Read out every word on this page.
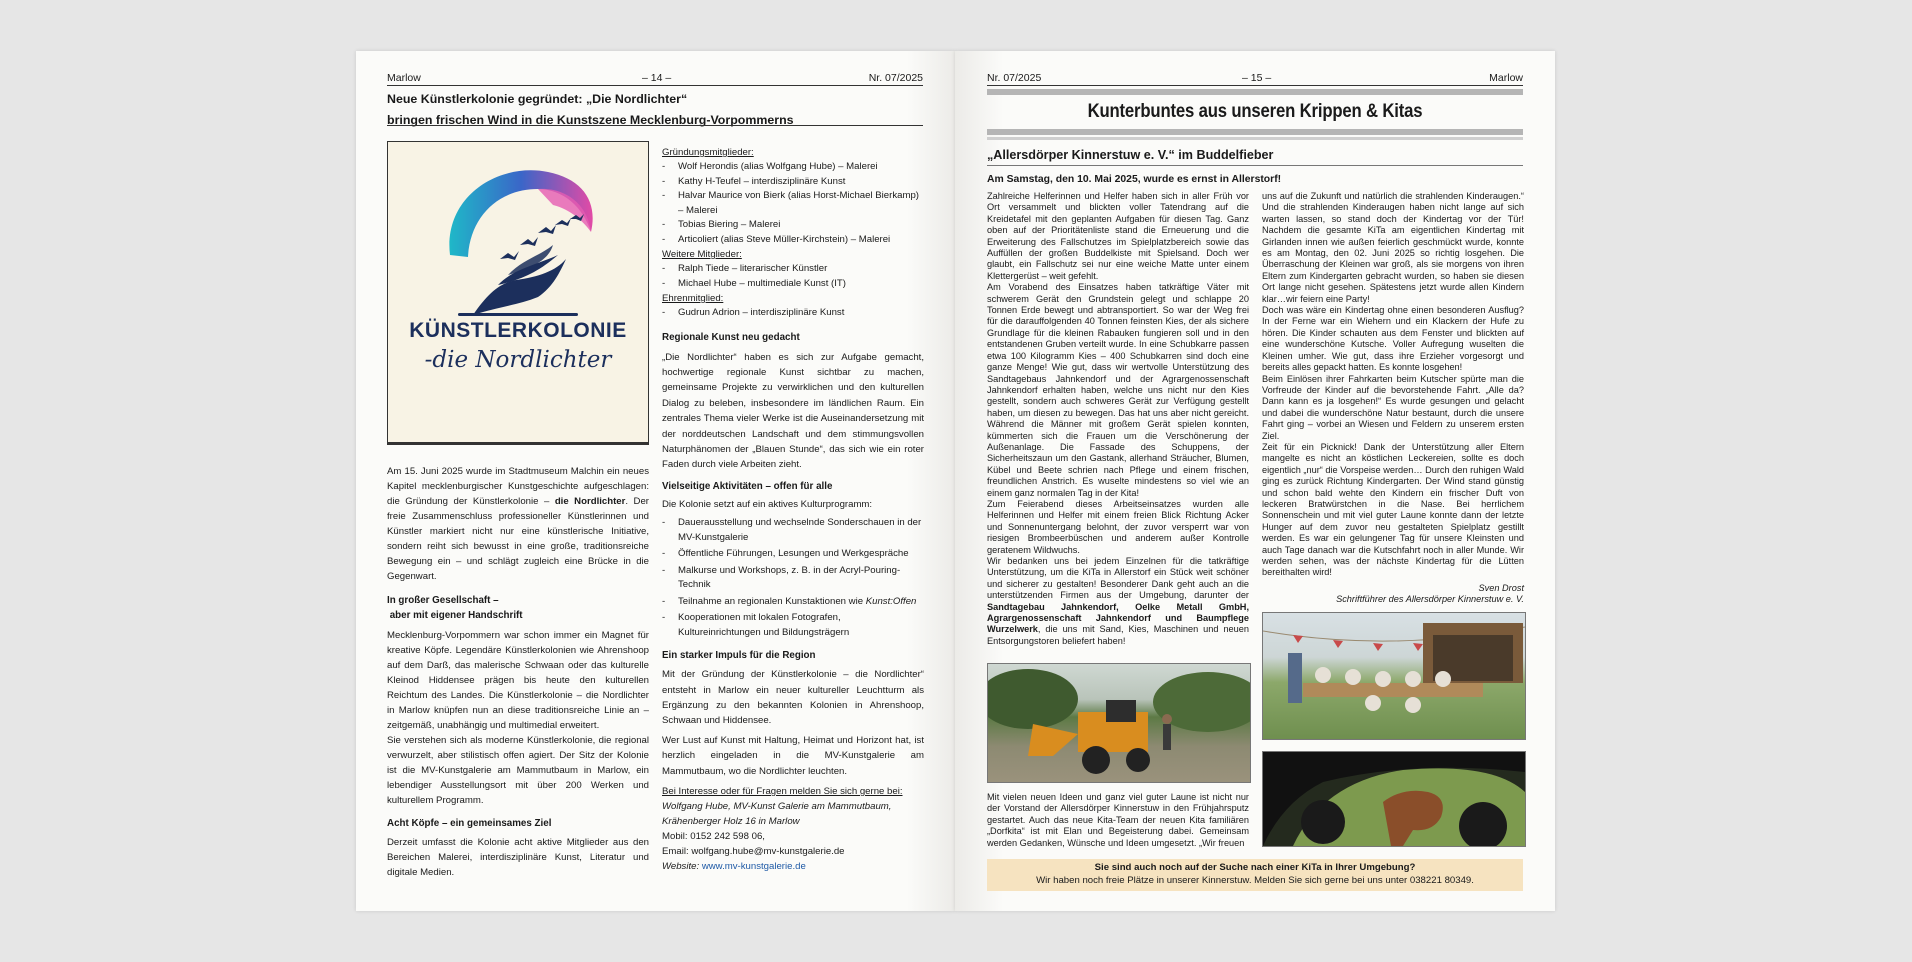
Marlow	– 14 –	Nr. 07/2025
Neue Künstlerkolonie gegründet: „Die Nordlichter“
bringen frischen Wind in die Kunstszene Mecklenburg-Vorpommerns
KÜNSTLERKOLONIE
-die Nordlichter

Am 15. Juni 2025 wurde im Stadtmuseum Malchin ein neues Kapitel mecklenburgischer Kunstgeschichte aufgeschlagen: die Gründung der Künstlerkolonie – die Nordlichter. Der freie Zusammenschluss professioneller Künstlerinnen und Künstler markiert nicht nur eine künstlerische Initiative, sondern reiht sich bewusst in eine große, traditionsreiche Bewegung ein – und schlägt zugleich eine Brücke in die Gegenwart.

In großer Gesellschaft –
aber mit eigener Handschrift

Mecklenburg-Vorpommern war schon immer ein Magnet für kreative Köpfe. Legendäre Künstlerkolonien wie Ahrenshoop auf dem Darß, das malerische Schwaan oder das kulturelle Kleinod Hiddensee prägen bis heute den kulturellen Reichtum des Landes. Die Künstlerkolonie – die Nordlichter in Marlow knüpfen nun an diese traditionsreiche Linie an – zeitgemäß, unabhängig und multimedial erweitert.

Sie verstehen sich als moderne Künstlerkolonie, die regional verwurzelt, aber stilistisch offen agiert. Der Sitz der Kolonie ist die MV-Kunstgalerie am Mammutbaum in Marlow, ein lebendiger Ausstellungsort mit über 200 Werken und kulturellem Programm.

Acht Köpfe – ein gemeinsames Ziel

Derzeit umfasst die Kolonie acht aktive Mitglieder aus den Bereichen Malerei, interdisziplinäre Kunst, Literatur und digitale Medien.

Gründungsmitglieder:

- Wolf Herondis (alias Wolfgang Hube) – Malerei
- Kathy H-Teufel – interdisziplinäre Kunst
- Halvar Maurice von Bierk (alias Horst-Michael Bierkamp) – Malerei
- Tobias Biering – Malerei
- Articoliert (alias Steve Müller-Kirchstein) – Malerei

Weitere Mitglieder:

- Ralph Tiede – literarischer Künstler
- Michael Hube – multimediale Kunst (IT)

Ehrenmitglied:

- Gudrun Adrion – interdisziplinäre Kunst

Regionale Kunst neu gedacht

„Die Nordlichter“ haben es sich zur Aufgabe gemacht, hochwertige regionale Kunst sichtbar zu machen, gemeinsame Projekte zu verwirklichen und den kulturellen Dialog zu beleben, insbesondere im ländlichen Raum. Ein zentrales Thema vieler Werke ist die Auseinandersetzung mit der norddeutschen Landschaft und dem stimmungsvollen Naturphänomen der „Blauen Stunde“, das sich wie ein roter Faden durch viele Arbeiten zieht.

Vielseitige Aktivitäten – offen für alle

Die Kolonie setzt auf ein aktives Kulturprogramm:

- Dauerausstellung und wechselnde Sonderschauen in der MV-Kunstgalerie
- Öffentliche Führungen, Lesungen und Werkgespräche
- Malkurse und Workshops, z. B. in der Acryl-Pouring-Technik
- Teilnahme an regionalen Kunstaktionen wie Kunst:Offen
- Kooperationen mit lokalen Fotografen, Kultureinrichtungen und Bildungsträgern

Ein starker Impuls für die Region

Mit der Gründung der Künstlerkolonie – die Nordlichter“ entsteht in Marlow ein neuer kultureller Leuchtturm als Ergänzung zu den bekannten Kolonien in Ahrenshoop, Schwaan und Hiddensee.

Wer Lust auf Kunst mit Haltung, Heimat und Horizont hat, ist herzlich eingeladen in die MV-Kunstgalerie am Mammutbaum, wo die Nordlichter leuchten.

Bei Interesse oder für Fragen melden Sie sich gerne bei:

Wolfgang Hube, MV-Kunst Galerie am Mammutbaum,

Krähenberger Holz 16 in Marlow

Mobil: 0152 242 598 06,

Email: wolfgang.hube@mv-kunstgalerie.de

Website: www.mv-kunstgalerie.de

Nr. 07/2025	– 15 –	Marlow
Kunterbuntes aus unseren Krippen & Kitas
„Allersdörper Kinnerstuw e. V.“ im Buddelfieber
Am Samstag, den 10. Mai 2025, wurde es ernst in Allerstorf!

Zahlreiche Helferinnen und Helfer haben sich in aller Früh vor Ort versammelt und blickten voller Tatendrang auf die Kreidetafel mit den geplanten Aufgaben für diesen Tag. Ganz oben auf der Prioritätenliste stand die Erneuerung und die Erweiterung des Fallschutzes im Spielplatzbereich sowie das Auffüllen der großen Buddelkiste mit Spielsand. Doch wer glaubt, ein Fallschutz sei nur eine weiche Matte unter einem Klettergerüst – weit gefehlt.

Am Vorabend des Einsatzes haben tatkräftige Väter mit schwerem Gerät den Grundstein gelegt und schlappe 20 Tonnen Erde bewegt und abtransportiert. So war der Weg frei für die darauffolgenden 40 Tonnen feinsten Kies, der als sichere Grundlage für die kleinen Rabauken fungieren soll und in den entstandenen Gruben verteilt wurde. In eine Schubkarre passen etwa 100 Kilogramm Kies – 400 Schubkarren sind doch eine ganze Menge! Wie gut, dass wir wertvolle Unterstützung des Sandtagebaus Jahnkendorf und der Agrargenossenschaft Jahnkendorf erhalten haben, welche uns nicht nur den Kies gestellt, sondern auch schweres Gerät zur Verfügung gestellt haben, um diesen zu bewegen. Das hat uns aber nicht gereicht. Während die Männer mit großem Gerät spielen konnten, kümmerten sich die Frauen um die Verschönerung der Außenanlage. Die Fassade des Schuppens, der Sicherheitszaun um den Gastank, allerhand Sträucher, Blumen, Kübel und Beete schrien nach Pflege und einem frischen, freundlichen Anstrich. Es wuselte mindestens so viel wie an einem ganz normalen Tag in der Kita!

Zum Feierabend dieses Arbeitseinsatzes wurden alle Helferinnen und Helfer mit einem freien Blick Richtung Acker und Sonnenuntergang belohnt, der zuvor versperrt war von riesigen Brombeerbüschen und anderem außer Kontrolle geratenem Wildwuchs.

Wir bedanken uns bei jedem Einzelnen für die tatkräftige Unterstützung, um die KiTa in Allerstorf ein Stück weit schöner und sicherer zu gestalten! Besonderer Dank geht auch an die unterstützenden Firmen aus der Umgebung, darunter der Sandtagebau Jahnkendorf, Oelke Metall GmbH, Agrargenossenschaft Jahnkendorf und Baumpflege Wurzelwerk, die uns mit Sand, Kies, Maschinen und neuen Entsorgungstoren beliefert haben!

uns auf die Zukunft und natürlich die strahlenden Kinderaugen.“ Und die strahlenden Kinderaugen haben nicht lange auf sich warten lassen, so stand doch der Kindertag vor der Tür! Nachdem die gesamte KiTa am eigentlichen Kindertag mit Girlanden innen wie außen feierlich geschmückt wurde, konnte es am Montag, den 02. Juni 2025 so richtig losgehen. Die Überraschung der Kleinen war groß, als sie morgens von ihren Eltern zum Kindergarten gebracht wurden, so haben sie diesen Ort lange nicht gesehen. Spätestens jetzt wurde allen Kindern klar…wir feiern eine Party!

Doch was wäre ein Kindertag ohne einen besonderen Ausflug? In der Ferne war ein Wiehern und ein Klackern der Hufe zu hören. Die Kinder schauten aus dem Fenster und blickten auf eine wunderschöne Kutsche. Voller Aufregung wuselten die Kleinen umher. Wie gut, dass ihre Erzieher vorgesorgt und bereits alles gepackt hatten. Es konnte losgehen!

Beim Einlösen ihrer Fahrkarten beim Kutscher spürte man die Vorfreude der Kinder auf die bevorstehende Fahrt. „Alle da? Dann kann es ja losgehen!“ Es wurde gesungen und gelacht und dabei die wunderschöne Natur bestaunt, durch die unsere Fahrt ging – vorbei an Wiesen und Feldern zu unserem ersten Ziel.

Zeit für ein Picknick! Dank der Unterstützung aller Eltern mangelte es nicht an köstlichen Leckereien, sollte es doch eigentlich „nur“ die Vorspeise werden… Durch den ruhigen Wald ging es zurück Richtung Kindergarten. Der Wind stand günstig und schon bald wehte den Kindern ein frischer Duft von leckeren Bratwürstchen in die Nase. Bei herrlichem Sonnenschein und mit viel guter Laune konnte dann der letzte Hunger auf dem zuvor neu gestalteten Spielplatz gestillt werden. Es war ein gelungener Tag für unsere Kleinsten und auch Tage danach war die Kutschfahrt noch in aller Munde. Wir werden sehen, was der nächste Kindertag für die Lütten bereithalten wird!

Sven Drost

Schriftführer des Allersdörper Kinnerstuw e. V.

Mit vielen neuen Ideen und ganz viel guter Laune ist nicht nur der Vorstand der Allersdörper Kinnerstuw in den Frühjahrsputz gestartet. Auch das neue Kita-Team der neuen Kita familiären „Dorfkita“ ist mit Elan und Begeisterung dabei. Gemeinsam werden Gedanken, Wünsche und Ideen umgesetzt. „Wir freuen

Sie sind auch noch auf der Suche nach einer KiTa in Ihrer Umgebung?
Wir haben noch freie Plätze in unserer Kinnerstuw. Melden Sie sich gerne bei uns unter 038221 80349.
